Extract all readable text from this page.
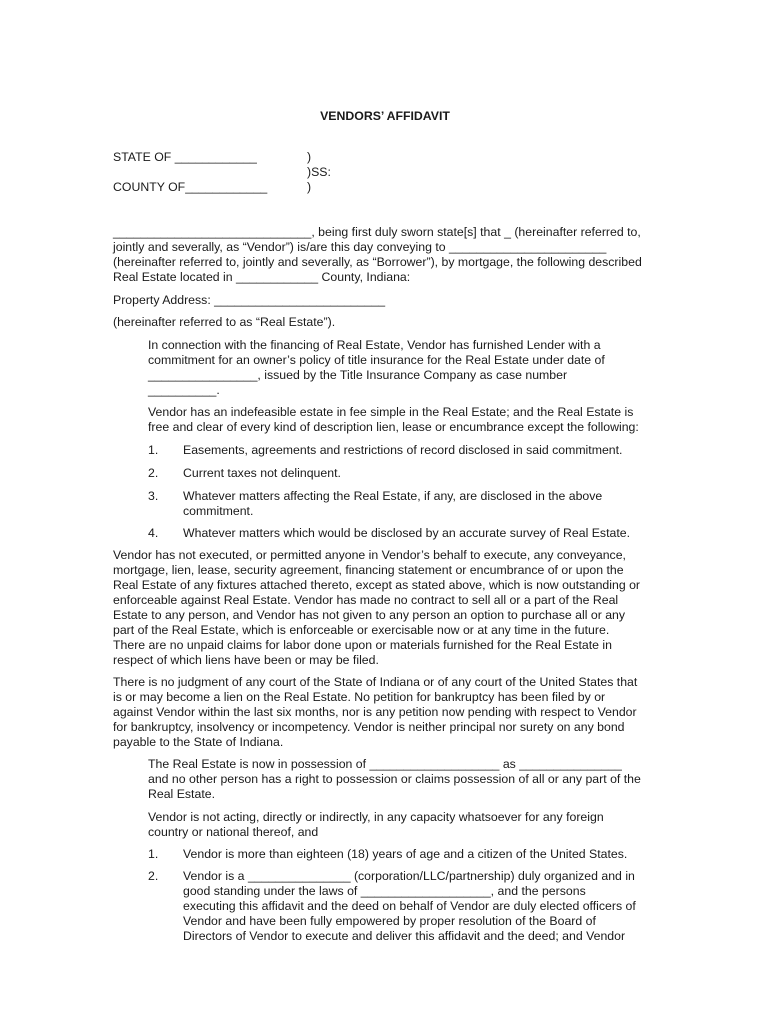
VENDORS’ AFFIDAVIT
STATE OF ____________
COUNTY OF____________
)
)SS:
)
_____________________________, being first duly sworn state[s] that _ (hereinafter referred to,
jointly and severally, as “Vendor”) is/are this day conveying to _______________________
(hereinafter referred to, jointly and severally, as “Borrower”), by mortgage, the following described
Real Estate located in ____________ County, Indiana:
Property Address: _________________________
(hereinafter referred to as “Real Estate”).
In connection with the financing of Real Estate, Vendor has furnished Lender with a
commitment for an owner’s policy of title insurance for the Real Estate under date of
________________, issued by the Title Insurance Company as case number
__________.
Vendor has an indefeasible estate in fee simple in the Real Estate; and the Real Estate is
free and clear of every kind of description lien, lease or encumbrance except the following:
1. Easements, agreements and restrictions of record disclosed in said commitment.
2. Current taxes not delinquent.
3. Whatever matters affecting the Real Estate, if any, are disclosed in the above
commitment.
4. Whatever matters which would be disclosed by an accurate survey of Real Estate.
Vendor has not executed, or permitted anyone in Vendor’s behalf to execute, any conveyance,
mortgage, lien, lease, security agreement, financing statement or encumbrance of or upon the
Real Estate of any fixtures attached thereto, except as stated above, which is now outstanding or
enforceable against Real Estate. Vendor has made no contract to sell all or a part of the Real
Estate to any person, and Vendor has not given to any person an option to purchase all or any
part of the Real Estate, which is enforceable or exercisable now or at any time in the future.
There are no unpaid claims for labor done upon or materials furnished for the Real Estate in
respect of which liens have been or may be filed.
There is no judgment of any court of the State of Indiana or of any court of the United States that
is or may become a lien on the Real Estate. No petition for bankruptcy has been filed by or
against Vendor within the last six months, nor is any petition now pending with respect to Vendor
for bankruptcy, insolvency or incompetency. Vendor is neither principal nor surety on any bond
payable to the State of Indiana.
The Real Estate is now in possession of ___________________ as _______________
and no other person has a right to possession or claims possession of all or any part of the
Real Estate.
Vendor is not acting, directly or indirectly, in any capacity whatsoever for any foreign
country or national thereof, and
1. Vendor is more than eighteen (18) years of age and a citizen of the United States.
2. Vendor is a _______________ (corporation/LLC/partnership) duly organized and in
good standing under the laws of ___________________, and the persons
executing this affidavit and the deed on behalf of Vendor are duly elected officers of
Vendor and have been fully empowered by proper resolution of the Board of
Directors of Vendor to execute and deliver this affidavit and the deed; and Vendor
